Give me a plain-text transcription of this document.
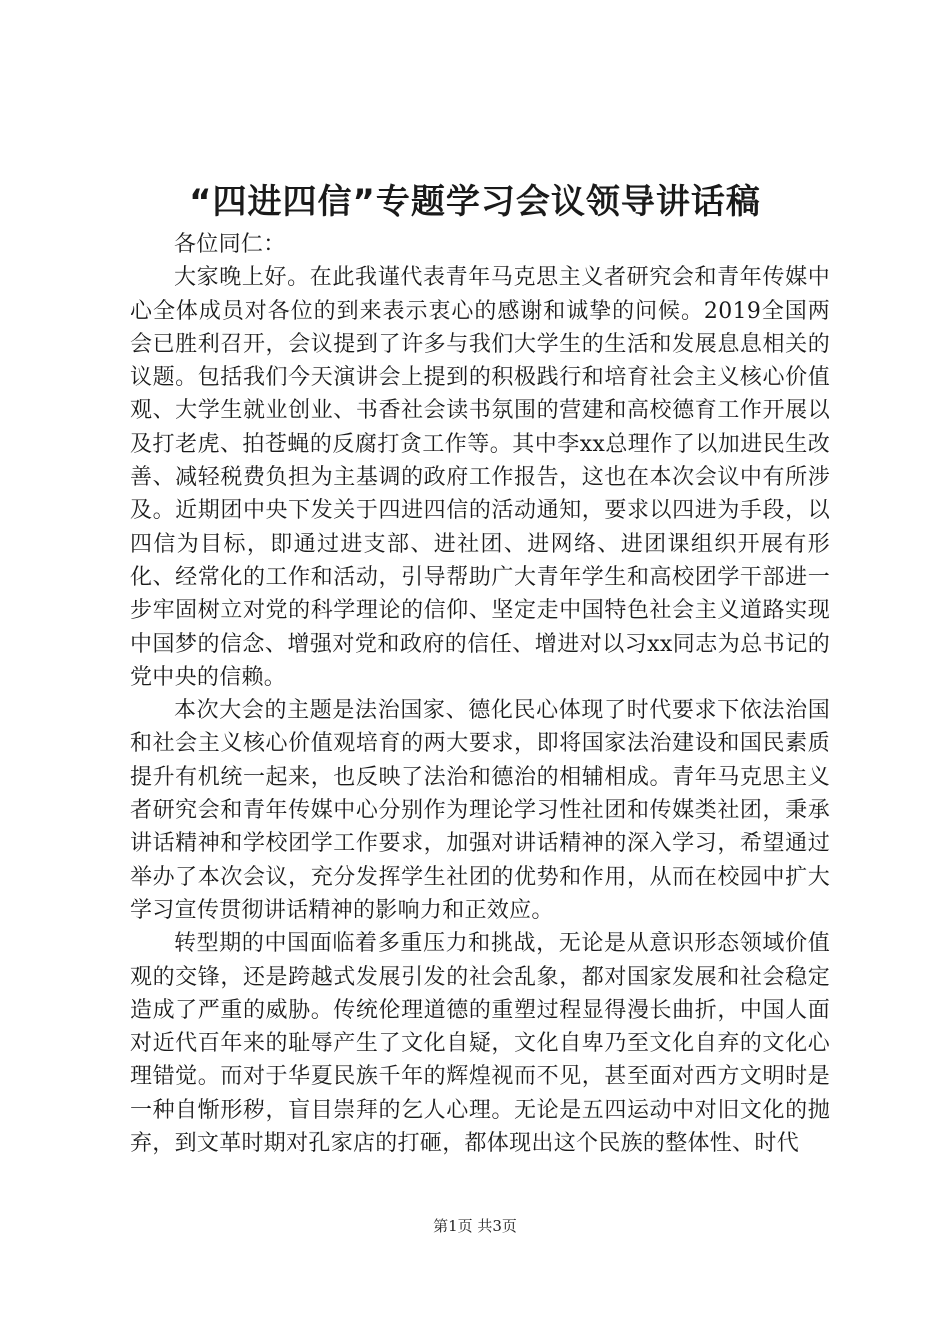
“四进四信”专题学习会议领导讲话稿

各位同仁：

大家晚上好。在此我谨代表青年马克思主义者研究会和青年传媒中心全体成员对各位的到来表示衷心的感谢和诚挚的问候。2019全国两会已胜利召开，会议提到了许多与我们大学生的生活和发展息息相关的议题。包括我们今天演讲会上提到的积极践行和培育社会主义核心价值观、大学生就业创业、书香社会读书氛围的营建和高校德育工作开展以及打老虎、拍苍蝇的反腐打贪工作等。其中李xx总理作了以加进民生改善、减轻税费负担为主基调的政府工作报告，这也在本次会议中有所涉及。近期团中央下发关于四进四信的活动通知，要求以四进为手段，以四信为目标，即通过进支部、进社团、进网络、进团课组织开展有形化、经常化的工作和活动，引导帮助广大青年学生和高校团学干部进一步牢固树立对党的科学理论的信仰、坚定走中国特色社会主义道路实现中国梦的信念、增强对党和政府的信任、增进对以习xx同志为总书记的党中央的信赖。

本次大会的主题是法治国家、德化民心体现了时代要求下依法治国和社会主义核心价值观培育的两大要求，即将国家法治建设和国民素质提升有机统一起来，也反映了法治和德治的相辅相成。青年马克思主义者研究会和青年传媒中心分别作为理论学习性社团和传媒类社团，秉承讲话精神和学校团学工作要求，加强对讲话精神的深入学习，希望通过举办了本次会议，充分发挥学生社团的优势和作用，从而在校园中扩大学习宣传贯彻讲话精神的影响力和正效应。

转型期的中国面临着多重压力和挑战，无论是从意识形态领域价值观的交锋，还是跨越式发展引发的社会乱象，都对国家发展和社会稳定造成了严重的威胁。传统伦理道德的重塑过程显得漫长曲折，中国人面对近代百年来的耻辱产生了文化自疑，文化自卑乃至文化自弃的文化心理错觉。而对于华夏民族千年的辉煌视而不见，甚至面对西方文明时是一种自惭形秽，盲目崇拜的乞人心理。无论是五四运动中对旧文化的抛弃，到文革时期对孔家店的打砸，都体现出这个民族的整体性、时代

第1页 共3页
